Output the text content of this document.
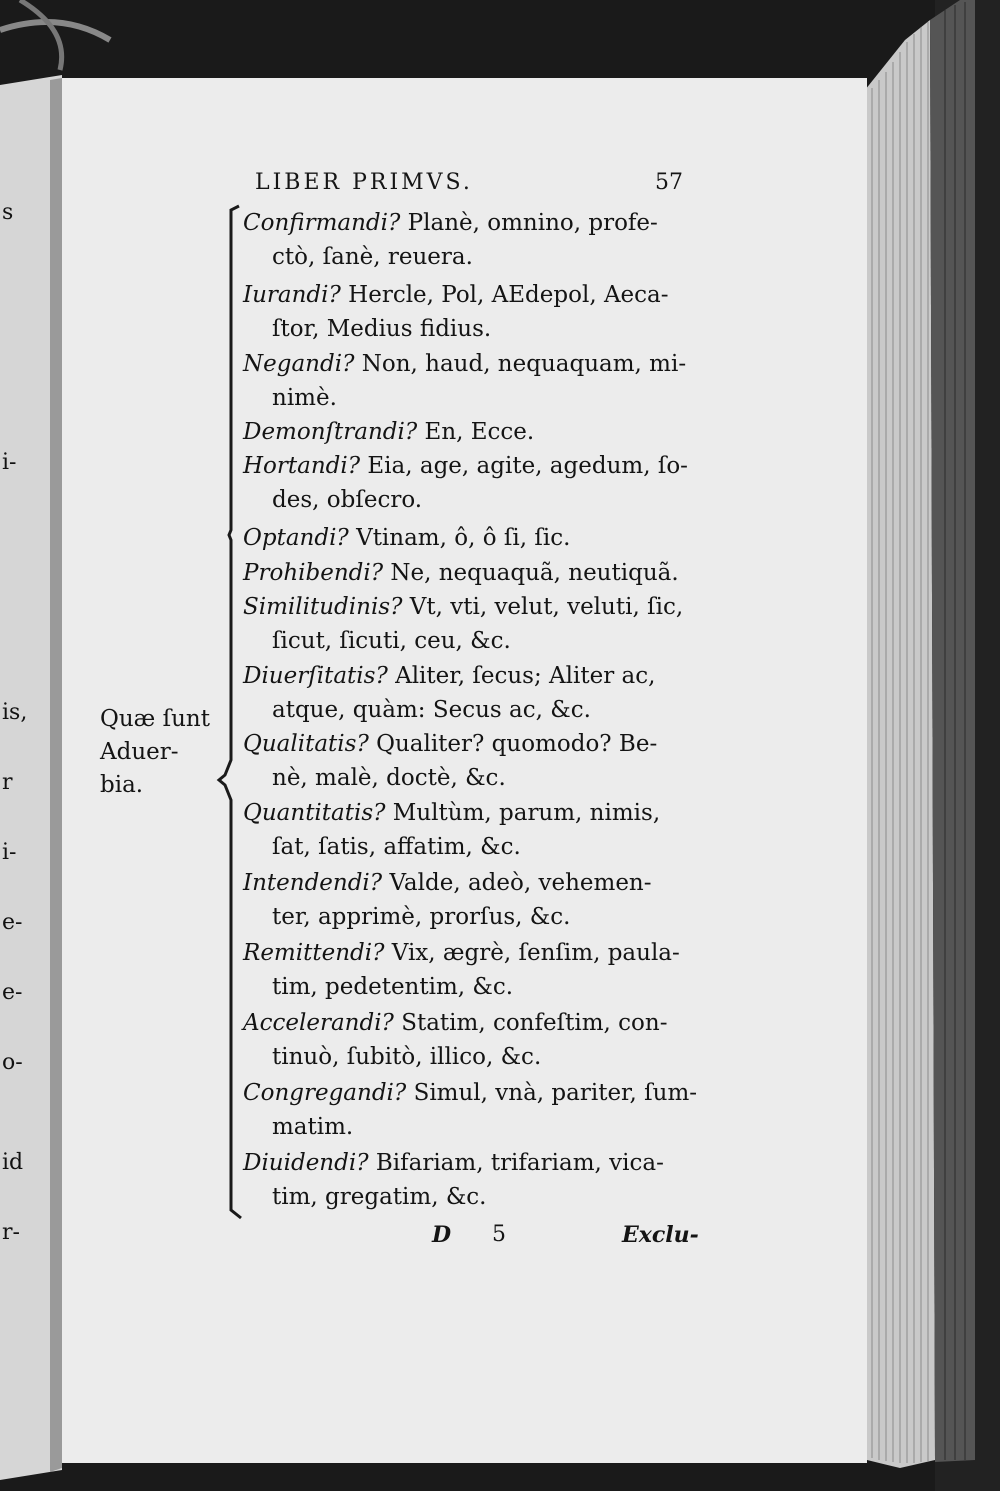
s
i-
is,
r
i-
e-
e-
o-
id
r-
LIBER PRIMVS.	57
Quæ ſunt
Aduer-
bia.
Confirmandi? Planè, omnino, profe-
ctò, ſanè, reuera.
Iurandi? Hercle, Pol, AEdepol, Aeca-
ſtor, Medius fidius.
Negandi? Non, haud, nequaquam, mi-
nimè.
Demonſtrandi? En, Ecce.
Hortandi? Eia, age, agite, agedum, ſo-
des, obſecro.
Optandi? Vtinam, ô, ô ſi, ſic.
Prohibendi? Ne, nequaquã, neutiquã.
Similitudinis? Vt, vti, velut, veluti, ſic,
ſicut, ſicuti, ceu, &c.
Diuerſitatis? Aliter, ſecus; Aliter ac,
atque, quàm: Secus ac, &c.
Qualitatis? Qualiter? quomodo? Be-
nè, malè, doctè, &c.
Quantitatis? Multùm, parum, nimis,
ſat, ſatis, affatim, &c.
Intendendi? Valde, adeò, vehemen-
ter, apprimè, prorſus, &c.
Remittendi? Vix, ægrè, ſenſim, paula-
tim, pedetentim, &c.
Accelerandi? Statim, confeſtim, con-
tinuò, ſubitò, illico, &c.
Congregandi? Simul, vnà, pariter, ſum-
matim.
Diuidendi? Bifariam, trifariam, vica-
tim, gregatim, &c.
D 5	Exclu-
